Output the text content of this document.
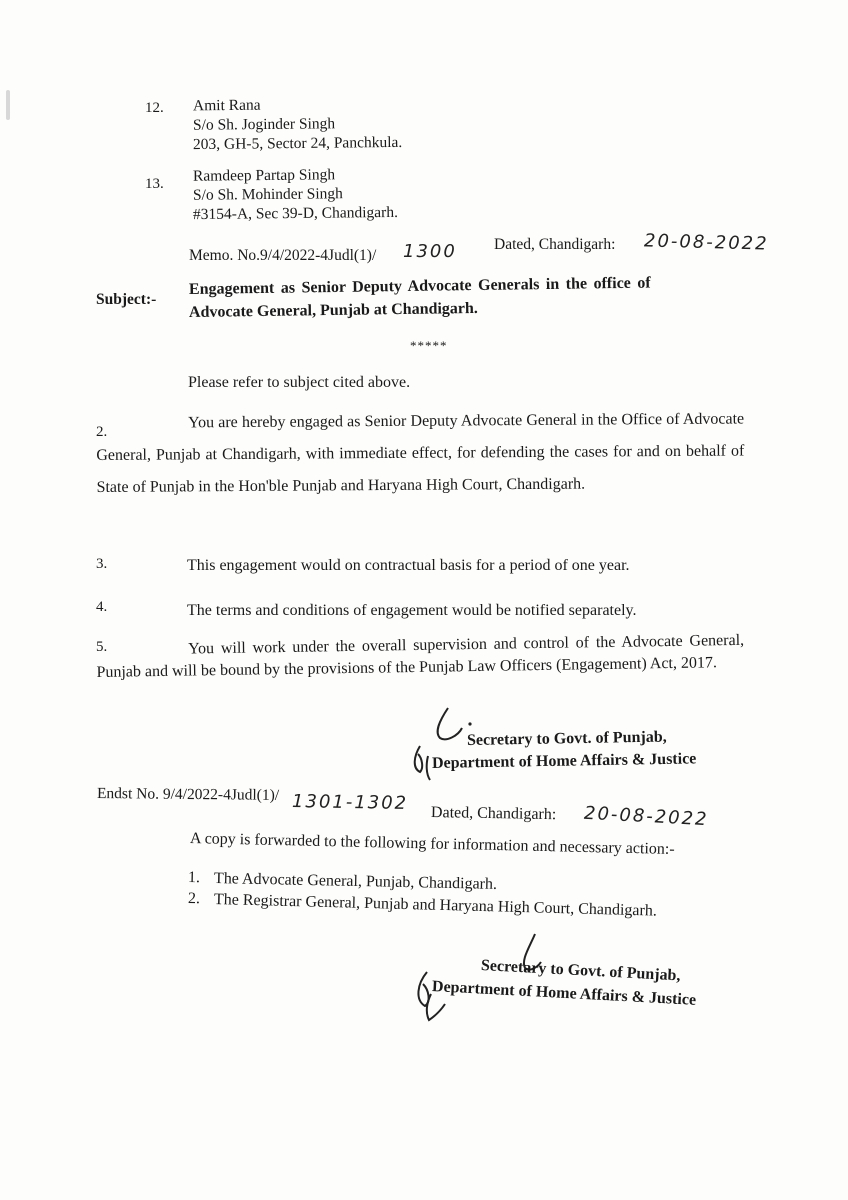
12. Amit Rana
S/o Sh. Joginder Singh
203, GH-5, Sector 24, Panchkula.
13. Ramdeep Partap Singh
S/o Sh. Mohinder Singh
#3154-A, Sec 39-D, Chandigarh.
Memo. No.9/4/2022-4Judl(1)/ 1300 Dated, Chandigarh: 20-08-2022
Subject:-
Engagement as Senior Deputy Advocate Generals in the office of
Advocate General, Punjab at Chandigarh.
*****
Please refer to subject cited above.
2.
You are hereby engaged as Senior Deputy Advocate General in the Office of Advocate General, Punjab at Chandigarh, with immediate effect, for defending the cases for and on behalf of State of Punjab in the Hon'ble Punjab and Haryana High Court, Chandigarh.
3.	This engagement would on contractual basis for a period of one year.
4.	The terms and conditions of engagement would be notified separately.
5.	You will work under the overall supervision and control of the Advocate General, Punjab and will be bound by the provisions of the Punjab Law Officers (Engagement) Act, 2017.
Secretary to Govt. of Punjab,
Department of Home Affairs & Justice
Endst No. 9/4/2022-4Judl(1)/ 1301-1302 Dated, Chandigarh: 20-08-2022
A copy is forwarded to the following for information and necessary action:-
1. The Advocate General, Punjab, Chandigarh.
2. The Registrar General, Punjab and Haryana High Court, Chandigarh.
Secretary to Govt. of Punjab,
Department of Home Affairs & Justice
